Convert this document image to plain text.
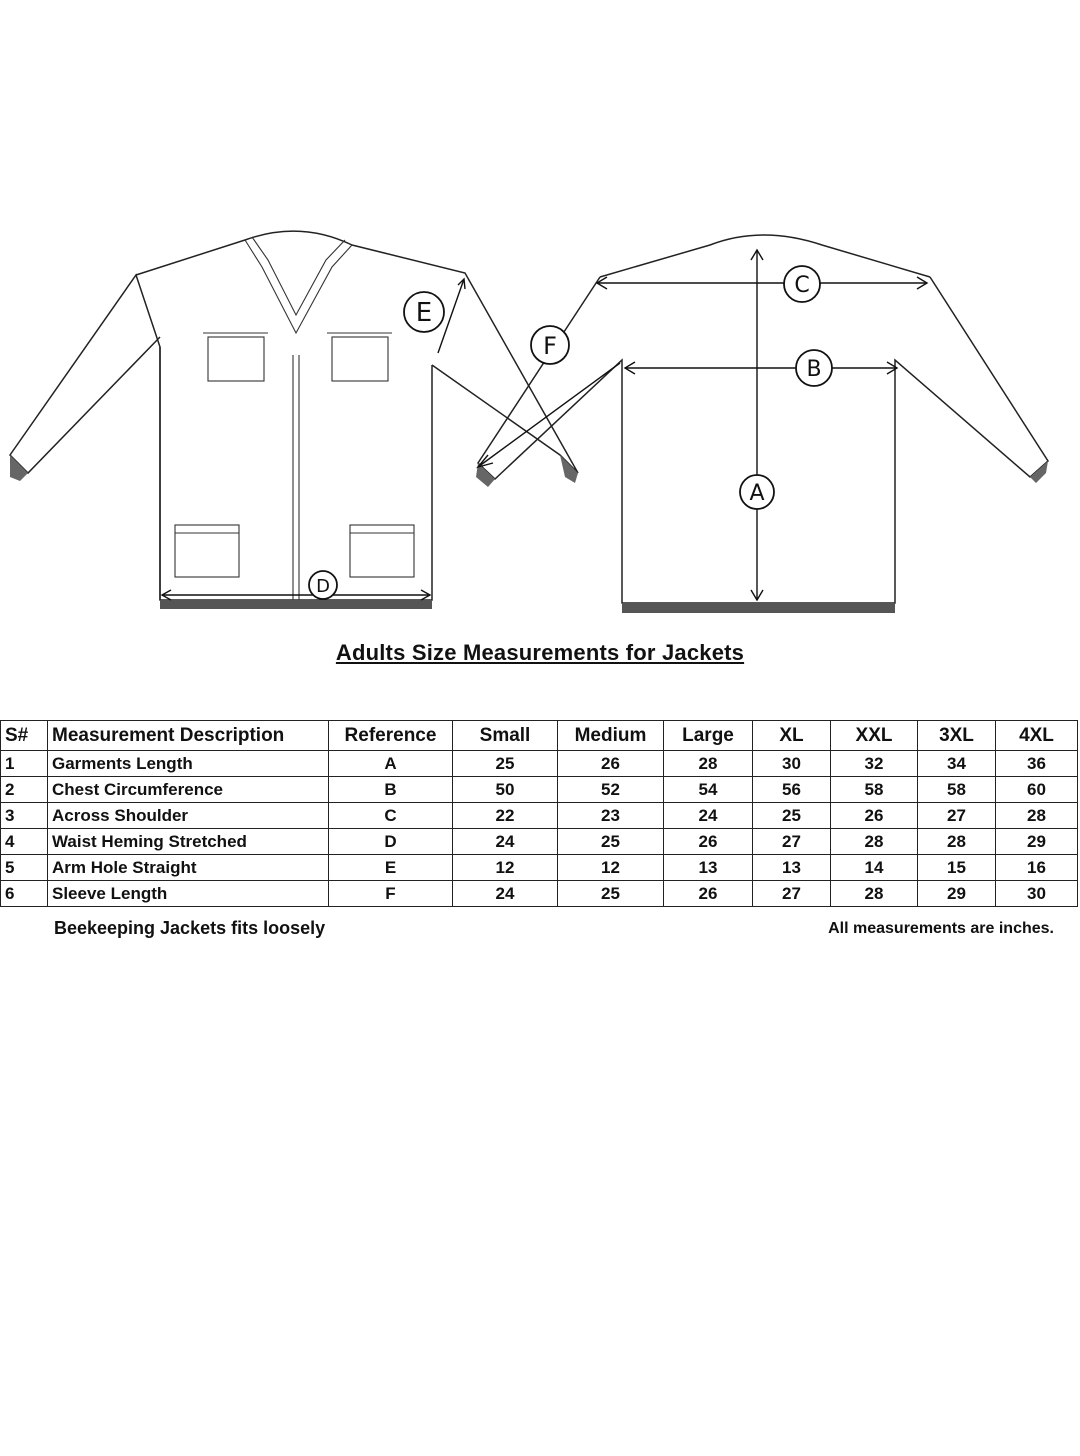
A
B
C
D
E
F
Adults Size Measurements for Jackets
S#	Measurement Description	Reference	Small	Medium	Large	XL	XXL	3XL	4XL
1	Garments Length	A	25	26	28	30	32	34	36
2	Chest Circumference	B	50	52	54	56	58	58	60
3	Across Shoulder	C	22	23	24	25	26	27	28
4	Waist Heming Stretched	D	24	25	26	27	28	28	29
5	Arm Hole Straight	E	12	12	13	13	14	15	16
6	Sleeve Length	F	24	25	26	27	28	29	30
Beekeeping Jackets fits loosely	All measurements are inches.
